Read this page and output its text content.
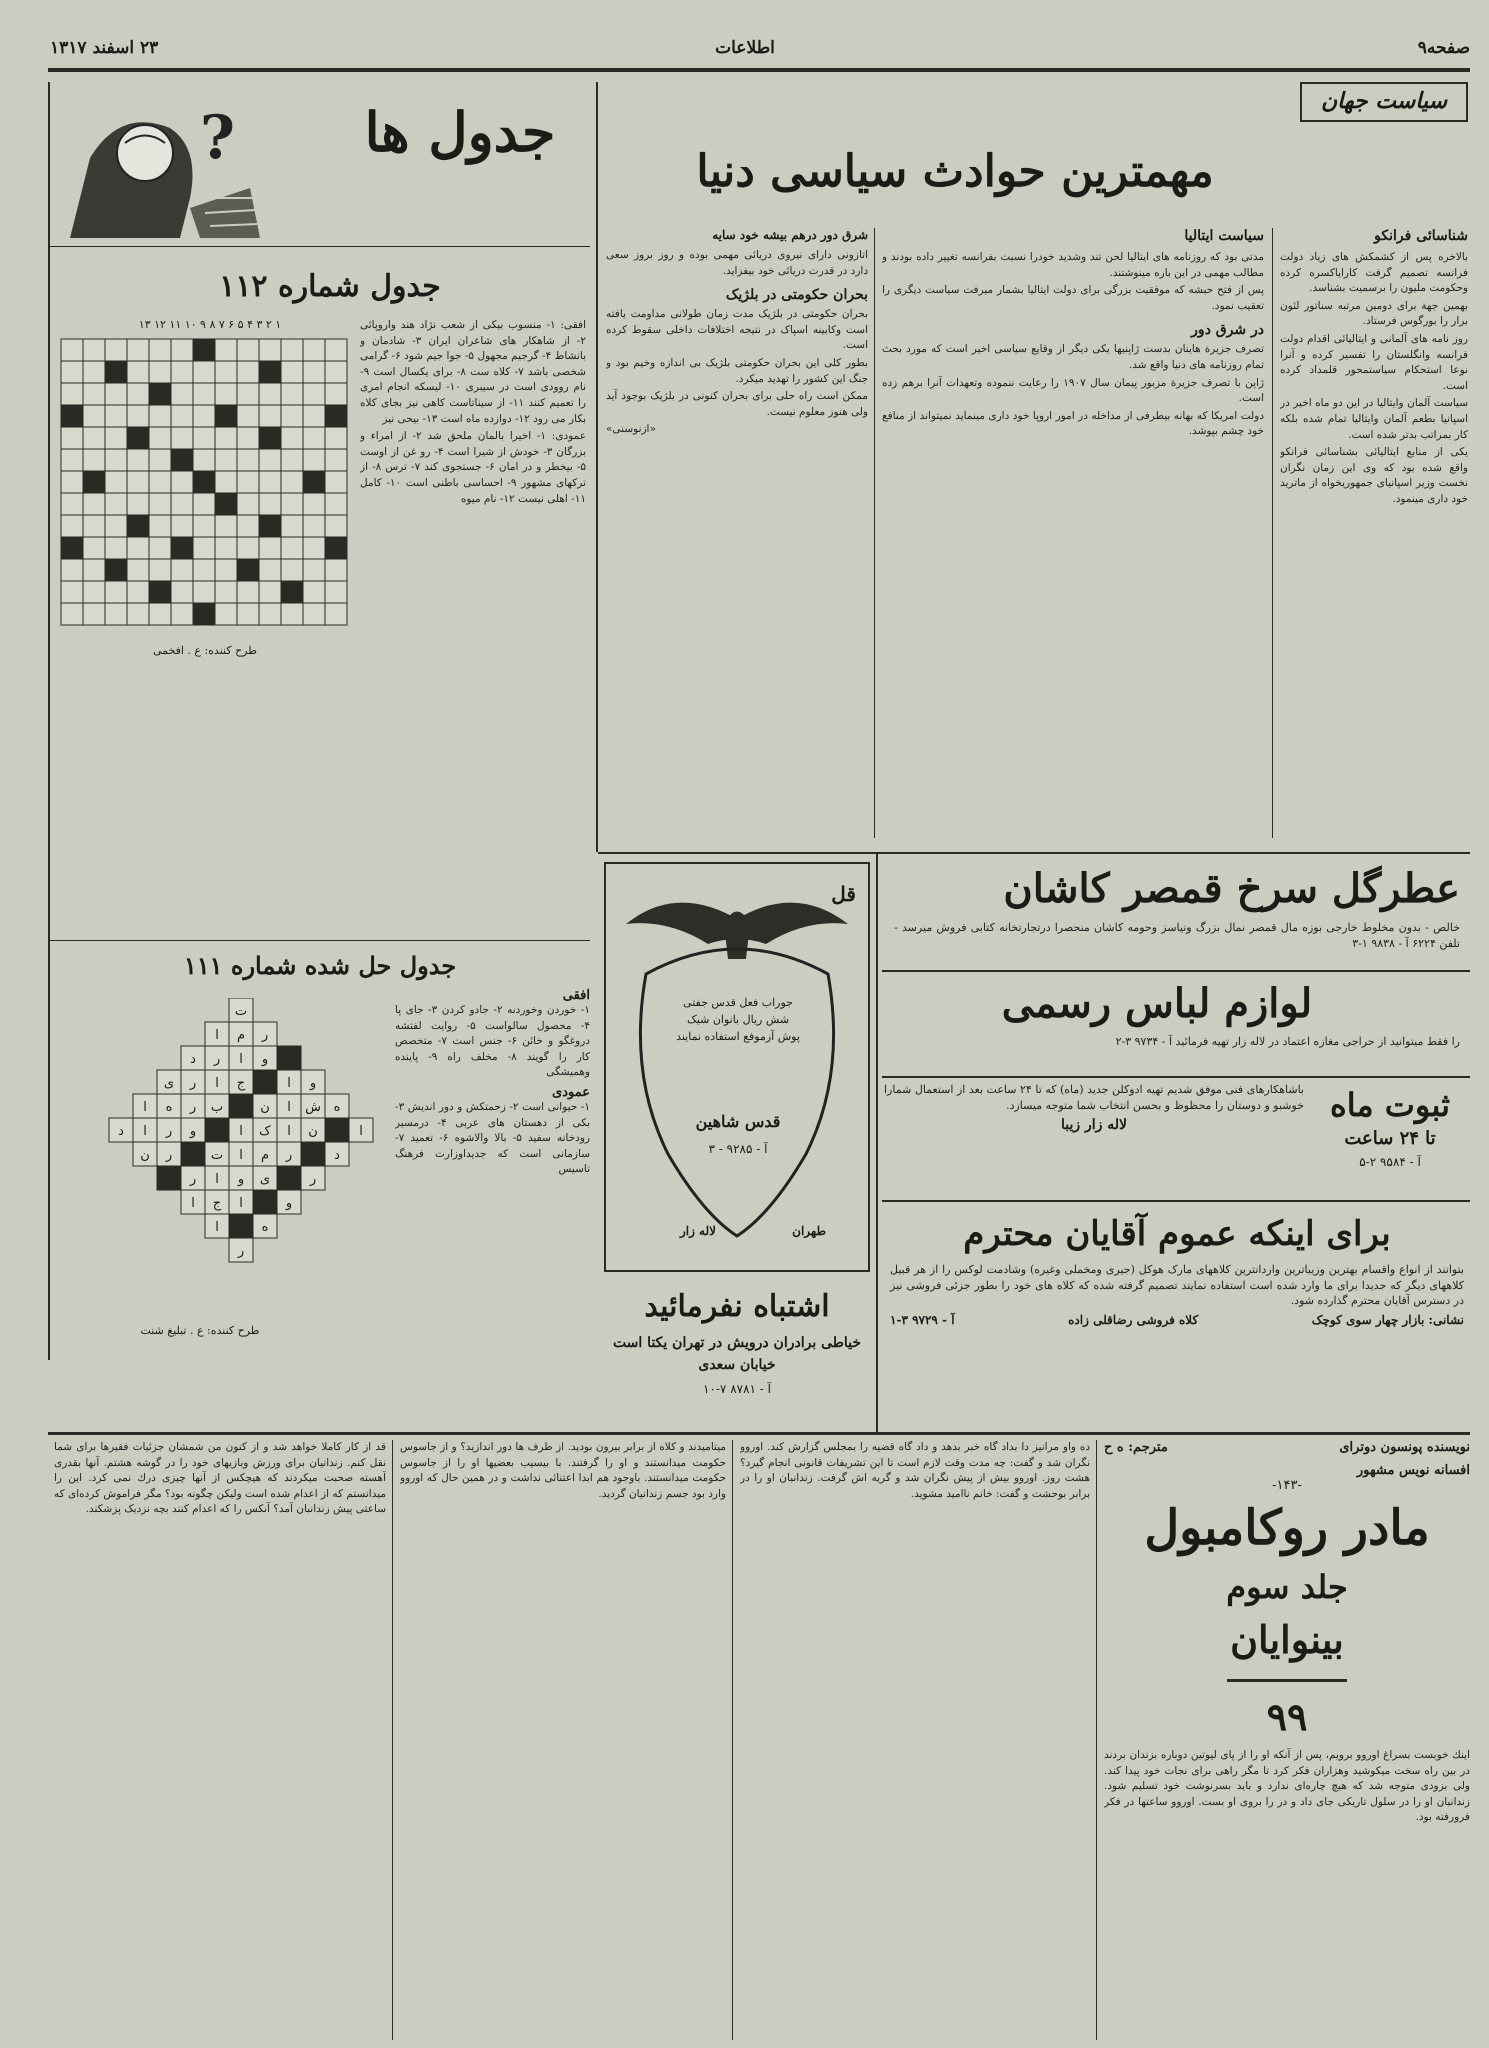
صفحه۹
اطلاعات
۲۳ اسفند ۱۳۱۷
سیاست جهان
مهمترین حوادث سیاسی دنیا
شناسائی فرانکو
بالاخره پس از کشمکش های زیاد دولت فرانسه تصمیم گرفت کارایاکسره کرده وحکومت ملیون را برسمیت بشناسد.
بهمین جهة برای دومین مرتبه سناتور لئون برار را بورگوس فرستاد.
روز نامه های آلمانی و ایتالیائی اقدام دولت فرانسه وانگلستان را تفسیر کرده و آنرا نوعا استحکام سیاستمحور قلمداد کرده است.
سیاست آلمان وایتالیا در این دو ماه اخیر در اسپانیا بطعم آلمان وایتالیا تمام شده بلکه کار بمراتب بدتر شده است.
یکی از منابع ایتالیائی بشناسائی فرانکو واقع شده بود که وی این زمان نگران نخست وزیر اسپانیای جمهوریخواه از ماترید خود داری مینمود.
سیاست ایتالیا
مدتی بود که روزنامه های ایتالیا لحن تند وشدید خودرا نسبت بفرانسه تغییر داده بودند و مطالب مهمی در این باره مینوشتند.
پس از فتح حبشه که موفقیت بزرگی برای دولت ایتالیا بشمار میرفت سیاست دیگری را تعقیب نمود.
در شرق دور
تصرف جزیرة هاینان بدست ژاپنیها یکی دیگر از وقایع سیاسی اخیر است که مورد بحث تمام روزنامه های دنیا واقع شد.
ژاپن با تصرف جزیرة مزبور پیمان سال ۱۹۰۷ را رعایت ننموده وتعهدات آنرا برهم زده است.
دولت امریکا که بهانه بیطرفی از مداخله در امور اروپا خود داری مینماید نمیتواند از منافع خود چشم بپوشد.
شرق دور درهم بیشه خود سایه
اتازونی دارای نیروی دریائی مهمی بوده و روز بروز سعی دارد در قدرت دریائی خود بیفزاید.
بحران حکومتی در بلژیک
بحران حکومتی در بلژیک مدت زمان طولانی مداومت یافته است وکابینه اسپاک در نتیجه اختلافات داخلی سقوط کرده است.
بطور کلی این بحران حکومتی بلژیک بی اندازه وخیم بود و جنگ این کشور را تهدید میکرد.
ممکن است راه حلی برای بحران کنونی در بلژیک بوجود آید ولی هنوز معلوم نیست.
«ازنوسنی»
?	جدول ها
جدول شماره ۱۱۲
۱۳ ۱۲ ۱۱ ۱۰ ۹ ۸ ۷ ۶ ۵ ۴ ۳ ۲ ۱
طرح کننده: ع . افخمی
افقی: ۱- منسوب بیکی از شعب نژاد هند واروپائی ۲- از شاهکار های شاعران ایران ۳- شادمان و بانشاط ۴- گرجیم مجهول ۵- جوا جیم شود ۶- گرامی شخصی باشد ۷- کلاه ست ۸- برای یکسال است ۹- نام روودی است در سیبری ۱۰- لیسکه انجام امری را تعمیم کنند ۱۱- از سیناتاست کاهی نیز بجای کلاه بکار می رود ۱۲- دوازده ماه است ۱۳- بیحی نیز
عمودی: ۱- اخیرا بالمان ملحق شد ۲- از امراء و بزرگان ۳- خودش از شیرا است ۴- رو غن از اوست ۵- بیخطر و در امان ۶- جستجوی کند ۷- ترس ۸- از ترکهای مشهور ۹- احساسی باطنی است ۱۰- کامل ۱۱- اهلی نیست ۱۲- نام میوه
جدول حل شده شماره ۱۱۱
ت
ا م ر
د ر ا و
ی ر ا ج	ا و
ا ه ر ب	ن ا ش ه
د ا ر و	ا ک ا ن	ا
ن ر	ت ا م ر	د
ر ا و ی	ر
ا ج ا	و
ا	ه
ر
طرح کننده: ع . تبلیغ شنت
افقی
۱- خوردن وخوردنه ۲- جادو کردن ۳- جای پا ۴- محصول سالواست ۵- روایت لفتشه دروغگو و خائن ۶- جنس است ۷- متخصص کار را گویند ۸- مخلف راه ۹- پاینده وهمیشگی
عمودی
۱- حیوانی است ۲- زحمتکش و دور اندیش ۳- بکی از دهستان های عربی ۴- درمسیر رودخانه سفید ۵- بالا والاشوه ۶- تعمید ۷- سازمانی است که جدیداوزارت فرهنگ تاسیس
عطرگل سرخ قمصر کاشان
خالص - بدون مخلوط خارجی بوزه مال قمصر نمال بزرگ ونیاسز وحومه کاشان منحصرا درتجارتخانه کتابی فروش میرسد - تلفن ۶۲۲۴ آ - ۹۸۳۸ ۱-۳
لوازم لباس رسمی
را فقط میتوانید از حراجی مغازه اعتماد در لاله زار تهیه فرمائید آ - ۹۷۳۴ ۳-۲
ثبوت ماه
تا ۲۴ ساعت
آ - ۹۵۸۴ ۲-۵
باشاهکارهای فنی موفق شدیم تهیه ادوکلن جدید (ماه) که تا ۲۴ ساعت بعد از استعمال شمارا خوشبو و دوستان را محظوظ و بحسن انتخاب شما متوجه میسازد.
لاله زار زیبا
برای اینکه عموم آقایان محترم
بتوانند از انواع واقسام بهترین وزیباترین واردانترین کلاههای مارک هوکل (جیری ومخملی وغیره) وشادمت لوکس را از هر قبیل کلاههای دیگر که جدیدا برای ما وارد شده است استفاده نمایند تصمیم گرفته شده که کلاه های خود را بطور جزئی فروشی نیز در دسترس آقایان محترم گذارده شود.
نشانی: بازار چهار سوی کوچک
کلاه فروشی رضاقلی زاده
آ - ۹۷۲۹ ۳-۱
قل
جوراب فعل قدس جفتی شش ریال بانوان شیک پوش آزموفع استفاده نمایند
قدس شاهین
آ - ۹۲۸۵ - ۳
طهران
لاله زار
اشتباه نفرمائید
خیاطی برادران درویش در تهران یکتا است خیابان سعدی
آ - ۸۷۸۱ ۷-۱۰
نویسنده پونسون دوترای
مترجم: ه ح
افسانه نویس مشهور
-۱۴۳-
مادر روکامبول
جلد سوم
بینوایان
۹۹
اینك خوبست بسراغ اوروو برویم، پس از آنکه او را از پای لیوتین دوباره بزندان بردند در بین راه سخت میکوشید وهزاران فکر کرد تا مگر راهی برای نجات خود پیدا کند. ولی بزودی متوجه شد که هیچ چاره‌ای ندارد و باید بسرنوشت خود تسلیم شود. زندانبان او را در سلول تاریکی جای داد و در را بروی او بست. اوروو ساعتها در فکر فرورفته بود.
ده واو مرانیز دا بداد گاه خبر بدهد و داد گاه قضیه را بمجلس گزارش کند. اوروو نگران شد و گفت: چه مدت وقت لازم است تا این تشریفات قانونی انجام گیرد؟ هشت روز. اوروو بیش از پیش نگران شد و گریه اش گرفت. زندانبان او را در برابر بوحشت و گفت: خانم ناامید مشوید.
میتامیدند و کلاه از برابر بیرون بودید. از طرف ها دور اندازید؟ و از جاسوس حکومت میدانستند و او را گرفتند. با بیسیب بعضیها او را از جاسوس حکومت میدانستند. باوجود هم ابدا اعتنائی نداشت و در همین حال که اوروو وارد بود جسم زندانیان گردید.
قد از کار کاملا خواهد شد و از کنون من شمشان جزئیات فقیرها برای شما نقل کنم. زندانیان برای ورزش وبازیهای خود را در گوشه هشتم. آنها بقدری آهسته صحبت میکردند که هیچکس از آنها چیزی درك نمی کرد. این را میدانستم که از اعدام شده است ولیکن چگونه بود؟ مگر فراموش کرده‌ای که ساعتی پیش زندانبان آمد؟ آنکس را که اعدام کنند بچه نزدیک پزشکند.
